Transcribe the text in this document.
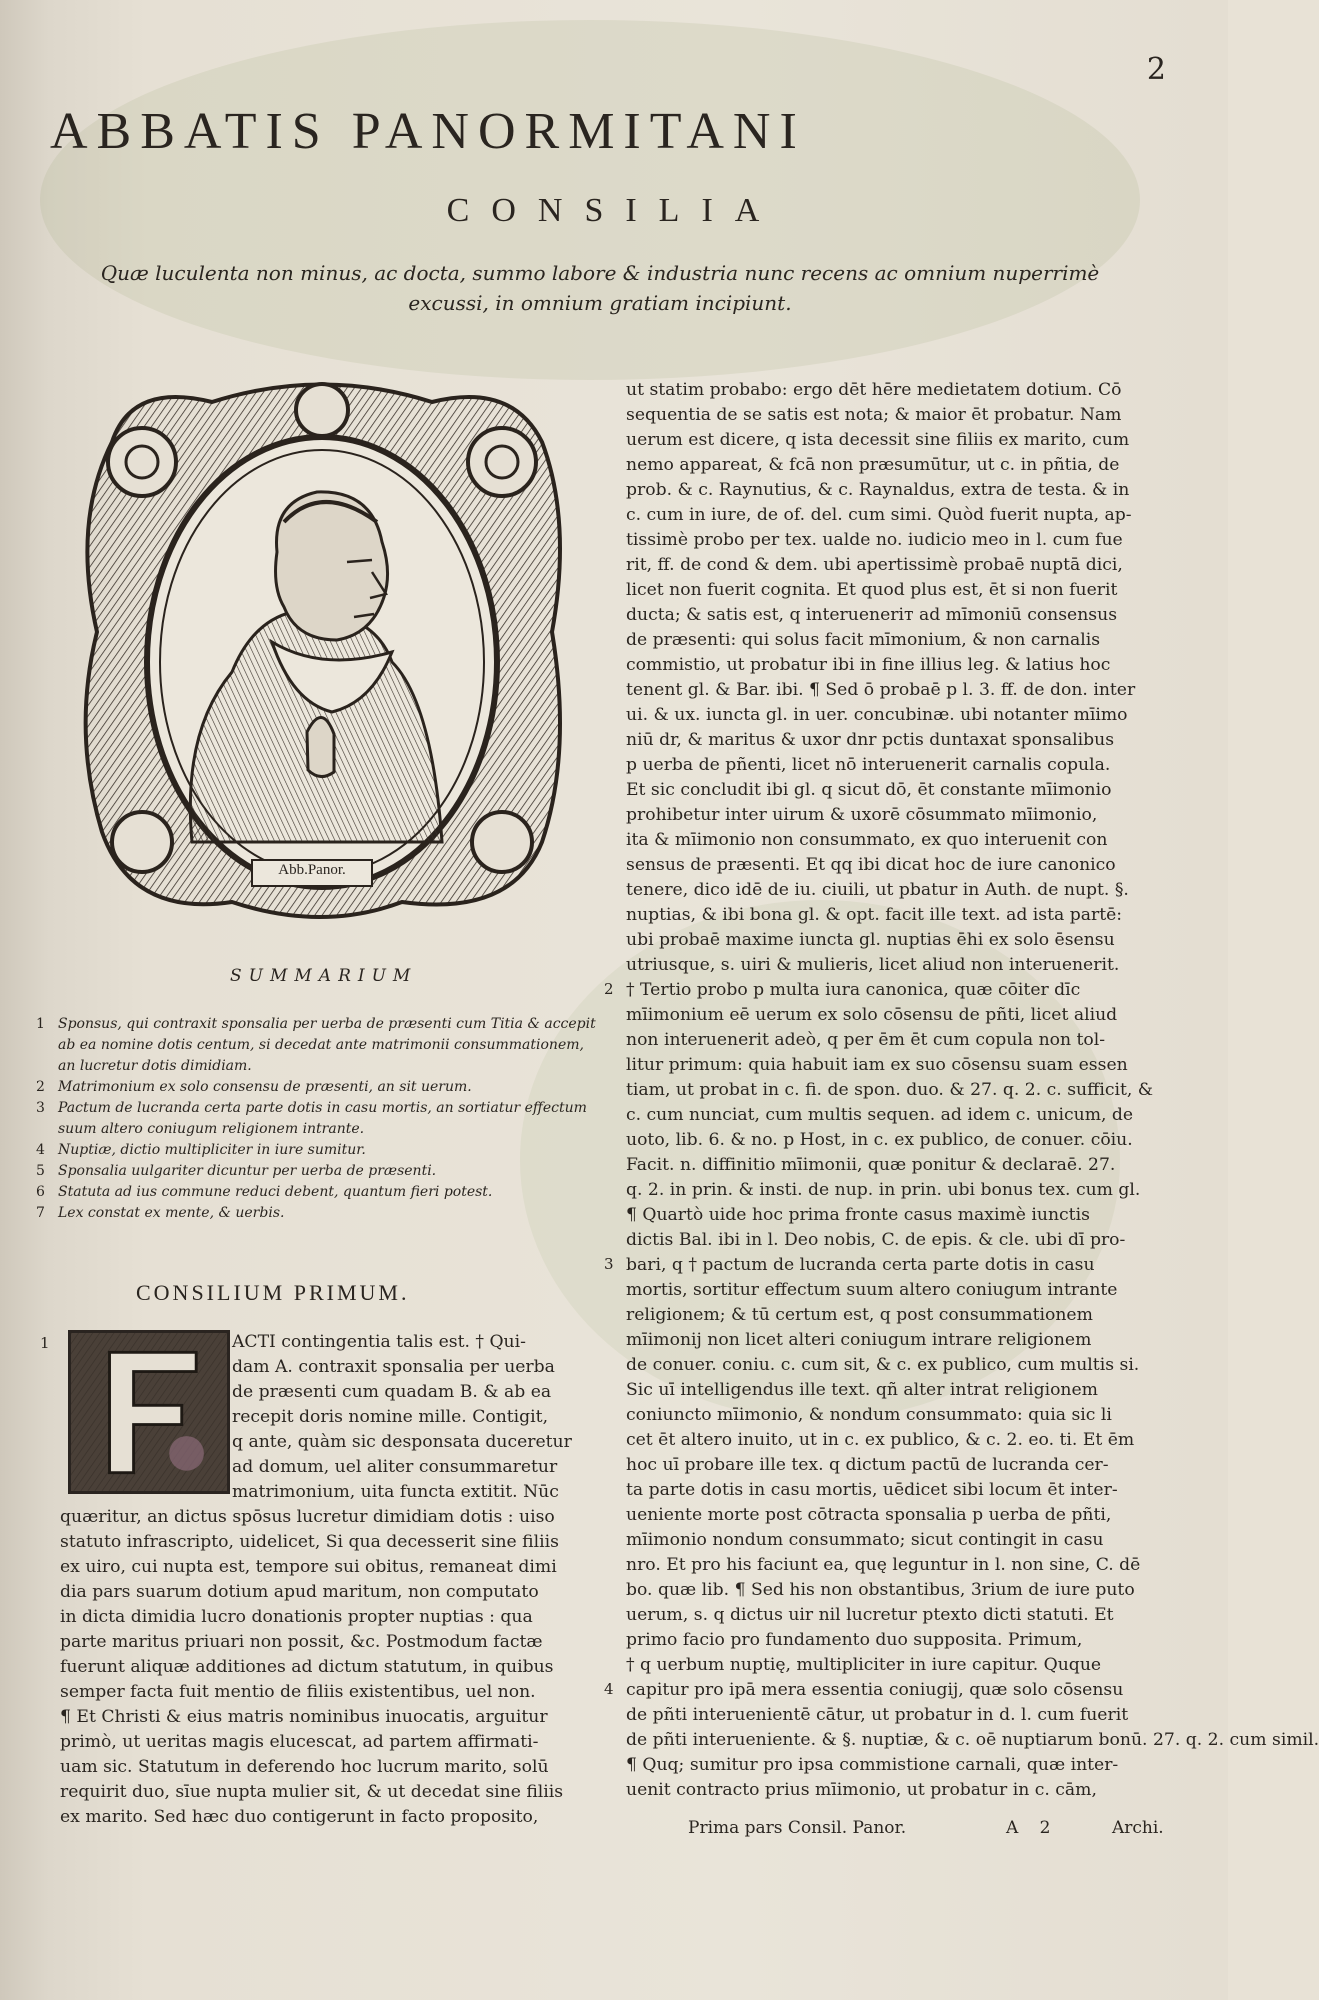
2
ABBATIS PANORMITANI
CONSILIA
Quæ luculenta non minus, ac docta, summo labore & industria nunc recens ac omnium nuperrimè
excussi, in omnium gratiam incipiunt.
Abb.Panor.
SUMMARIUM
1 Sponsus, qui contraxit sponsalia per uerba de præsenti cum Titia & accepit ab ea nomine dotis centum, si decedat ante matrimonii consummationem, an lucretur dotis dimidiam.
2 Matrimonium ex solo consensu de præsenti, an sit uerum.
3 Pactum de lucranda certa parte dotis in casu mortis, an sortiatur effectum suum altero coniugum religionem intrante.
4 Nuptiæ, dictio multipliciter in iure sumitur.
5 Sponsalia uulgariter dicuntur per uerba de præsenti.
6 Statuta ad ius commune reduci debent, quantum fieri potest.
7 Lex constat ex mente, & uerbis.
CONSILIUM PRIMUM.
1	ACTI contingentia talis est. † Qui-
dam A. contraxit sponsalia per uerba
de præsenti cum quadam B. & ab ea
recepit doris nomine mille. Contigit,
q ante, quàm sic desponsata duceretur
ad domum, uel aliter consummaretur
matrimonium, uita functa extitit. Nūc
quæritur, an dictus spōsus lucretur dimidiam dotis : uiso
statuto infrascripto, uidelicet, Si qua decesserit sine filiis
ex uiro, cui nupta est, tempore sui obitus, remaneat dimi
dia pars suarum dotium apud maritum, non computato
in dicta dimidia lucro donationis propter nuptias : qua
parte maritus priuari non possit, &c. Postmodum factæ
fuerunt aliquæ additiones ad dictum statutum, in quibus
semper facta fuit mentio de filiis existentibus, uel non.
¶ Et Christi & eius matris nominibus inuocatis, arguitur
primò, ut ueritas magis elucescat, ad partem affirmati-
uam sic. Statutum in deferendo hoc lucrum marito, solū
requirit duo, sīue nupta mulier sit, & ut decedat sine filiis
ex marito. Sed hæc duo contigerunt in facto proposito,
ut statim probabo: ergo dēt hēre medietatem dotium. Cō
sequentia de se satis est nota; & maior ēt probatur. Nam
uerum est dicere, q ista decessit sine filiis ex marito, cum
nemo appareat, & fcā non præsumūtur, ut c. in pñtia, de
prob. & c. Raynutius, & c. Raynaldus, extra de testa. & in
c. cum in iure, de of. del. cum simi. Quòd fuerit nupta, ap-
tissimè probo per tex. ualde no. iudicio meo in l. cum fue
rit, ff. de cond & dem. ubi apertissimè probaē nuptā dici,
licet non fuerit cognita. Et quod plus est, ēt si non fuerit
ducta; & satis est, q interueneriт ad mīmoniū consensus
de præsenti: qui solus facit mīmonium, & non carnalis
commistio, ut probatur ibi in fine illius leg. & latius hoc
tenent gl. & Bar. ibi. ¶ Sed ō probaē p l. 3. ff. de don. inter
ui. & ux. iuncta gl. in uer. concubinæ. ubi notanter mīimo
niū dr, & maritus & uxor dnr pctis duntaxat sponsalibus
p uerba de pñenti, licet nō interuenerit carnalis copula.
Et sic concludit ibi gl. q sicut dō, ēt constante mīimonio
prohibetur inter uirum & uxorē cōsummato mīimonio,
ita & mīimonio non consummato, ex quo interuenit con
sensus de præsenti. Et qq ibi dicat hoc de iure canonico
tenere, dico idē de iu. ciuili, ut pbatur in Auth. de nupt. §.
nuptias, & ibi bona gl. & opt. facit ille text. ad ista partē:
ubi probaē maxime iuncta gl. nuptias ēhi ex solo ēsensu
utriusque, s. uiri & mulieris, licet aliud non interuenerit.
† Tertio probo p multa iura canonica, quæ cōiter dīc
mīimonium eē uerum ex solo cōsensu de pñti, licet aliud
non interuenerit adeò, q per ēm ēt cum copula non tol-
litur primum: quia habuit iam ex suo cōsensu suam essen
tiam, ut probat in c. fi. de spon. duo. & 27. q. 2. c. sufficit, &
c. cum nunciat, cum multis sequen. ad idem c. unicum, de
uoto, lib. 6. & no. p Host, in c. ex publico, de conuer. cōiu.
Facit. n. diffinitio mīimonii, quæ ponitur & declaraē. 27.
q. 2. in prin. & insti. de nup. in prin. ubi bonus tex. cum gl.
¶ Quartò uide hoc prima fronte casus maximè iunctis
dictis Bal. ibi in l. Deo nobis, C. de epis. & cle. ubi dī pro-
bari, q † pactum de lucranda certa parte dotis in casu
mortis, sortitur effectum suum altero coniugum intrante
religionem; & tū certum est, q post consummationem
mīimonij non licet alteri coniugum intrare religionem
de conuer. coniu. c. cum sit, & c. ex publico, cum multis si.
Sic uī intelligendus ille text. qñ alter intrat religionem
coniuncto mīimonio, & nondum consummato: quia sic li
cet ēt altero inuito, ut in c. ex publico, & c. 2. eo. ti. Et ēm
hoc uī probare ille tex. q dictum pactū de lucranda cer-
ta parte dotis in casu mortis, uēdicet sibi locum ēt inter-
ueniente morte post cōtracta sponsalia p uerba de pñti,
mīimonio nondum consummato; sicut contingit in casu
nro. Et pro his faciunt ea, quę leguntur in l. non sine, C. dē
bo. quæ lib. ¶ Sed his non obstantibus, 3rium de iure puto
uerum, s. q dictus uir nil lucretur ptexto dicti statuti. Et
primo facio pro fundamento duo supposita. Primum,
† q uerbum nuptię, multipliciter in iure capitur. Quque
capitur pro ipā mera essentia coniugij, quæ solo cōsensu
de pñti interuenientē cātur, ut probatur in d. l. cum fuerit
de pñti interueniente. & §. nuptiæ, & c. oē nuptiarum bonū. 27. q. 2. cum simil.
¶ Quq; sumitur pro ipsa commistione carnali, quæ inter-
uenit contracto prius mīimonio, ut probatur in c. cām,
Prima pars Consil. Panor.	A 2	Archi.
2
3
4
